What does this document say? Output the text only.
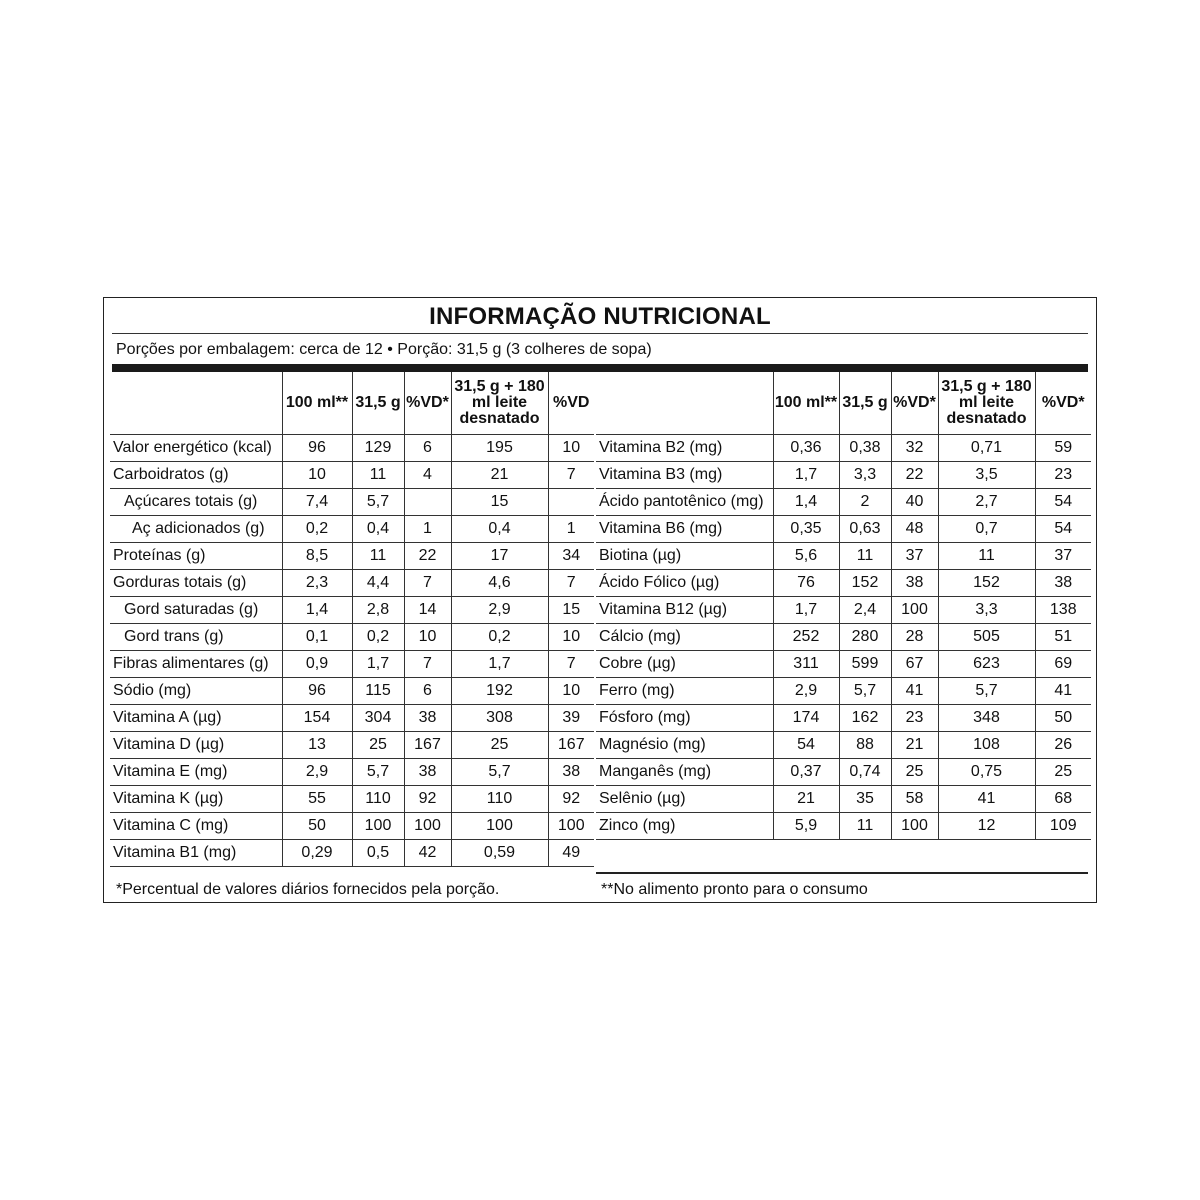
INFORMAÇÃO NUTRICIONAL
Porções por embalagem: cerca de 12 • Porção: 31,5 g (3 colheres de sopa)
	100 ml**	31,5 g	%VD*	31,5 g + 180 ml leite desnatado	%VD
Valor energético (kcal)	96	129	6	195	10
Carboidratos (g)	10	11	4	21	7
Açúcares totais (g)	7,4	5,7		15	
Aç adicionados (g)	0,2	0,4	1	0,4	1
Proteínas (g)	8,5	11	22	17	34
Gorduras totais (g)	2,3	4,4	7	4,6	7
Gord saturadas (g)	1,4	2,8	14	2,9	15
Gord trans (g)	0,1	0,2	10	0,2	10
Fibras alimentares (g)	0,9	1,7	7	1,7	7
Sódio (mg)	96	115	6	192	10
Vitamina A (µg)	154	304	38	308	39
Vitamina D (µg)	13	25	167	25	167
Vitamina E (mg)	2,9	5,7	38	5,7	38
Vitamina K (µg)	55	110	92	110	92
Vitamina C (mg)	50	100	100	100	100
Vitamina B1 (mg)	0,29	0,5	42	0,59	49
	100 ml**	31,5 g	%VD*	31,5 g + 180 ml leite desnatado	%VD*
Vitamina B2 (mg)	0,36	0,38	32	0,71	59
Vitamina B3 (mg)	1,7	3,3	22	3,5	23
Ácido pantotênico (mg)	1,4	2	40	2,7	54
Vitamina B6 (mg)	0,35	0,63	48	0,7	54
Biotina (µg)	5,6	11	37	11	37
Ácido Fólico (µg)	76	152	38	152	38
Vitamina B12 (µg)	1,7	2,4	100	3,3	138
Cálcio (mg)	252	280	28	505	51
Cobre (µg)	311	599	67	623	69
Ferro (mg)	2,9	5,7	41	5,7	41
Fósforo (mg)	174	162	23	348	50
Magnésio (mg)	54	88	21	108	26
Manganês (mg)	0,37	0,74	25	0,75	25
Selênio (µg)	21	35	58	41	68
Zinco (mg)	5,9	11	100	12	109
*Percentual de valores diários fornecidos pela porção.	**No alimento pronto para o consumo
